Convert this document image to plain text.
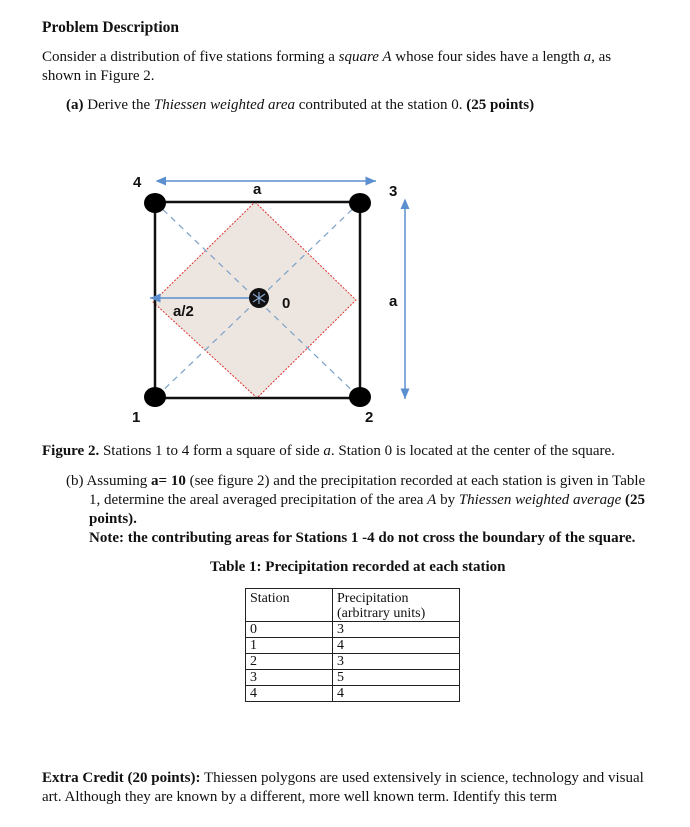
Problem Description
Consider a distribution of five stations forming a square A whose four sides have a length a, as
shown in Figure 2.
(a) Derive the Thiessen weighted area contributed at the station 0. (25 points)
4
3
1	2
0
a
a
a/2
Figure 2. Stations 1 to 4 form a square of side a. Station 0 is located at the center of the square.
(b) Assuming a= 10 (see figure 2) and the precipitation recorded at each station is given in Table
1, determine the areal averaged precipitation of the area A by Thiessen weighted average (25
points).
Note: the contributing areas for Stations 1 -4 do not cross the boundary of the square.
Table 1: Precipitation recorded at each station
Station	Precipitation
(arbitrary units)
0	3
1	4
2	3
3	5
4	4
Extra Credit (20 points): Thiessen polygons are used extensively in science, technology and visual
art. Although they are known by a different, more well known term. Identify this term
